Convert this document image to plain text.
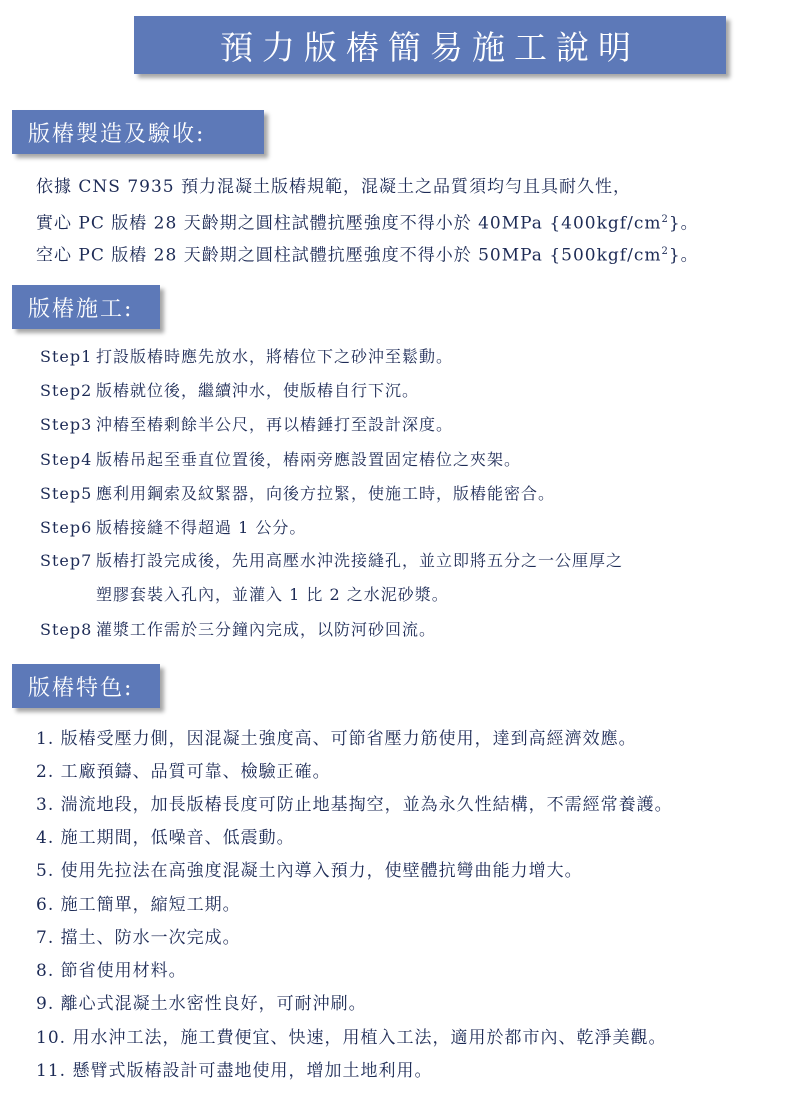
預力版樁簡易施工說明
版樁製造及驗收:
依據 CNS 7935 預力混凝土版樁規範，混凝土之品質須均勻且具耐久性，
實心 PC 版樁 28 天齡期之圓柱試體抗壓強度不得小於 40MPa $\{400kgf/cm^2\}$。
空心 PC 版樁 28 天齡期之圓柱試體抗壓強度不得小於 50MPa $\{500kgf/cm^2\}$。
版樁施工:
Step1 打設版樁時應先放水，將樁位下之砂沖至鬆動。
Step2 版樁就位後，繼續沖水，使版樁自行下沉。
Step3 沖樁至樁剩餘半公尺，再以樁錘打至設計深度。
Step4 版樁吊起至垂直位置後，樁兩旁應設置固定樁位之夾架。
Step5 應利用鋼索及紋緊器，向後方拉緊，使施工時，版樁能密合。
Step6 版樁接縫不得超過 1 公分。
Step7 版樁打設完成後，先用高壓水沖洗接縫孔，並立即將五分之一公厘厚之
塑膠套裝入孔內，並灌入 1 比 2 之水泥砂漿。
Step8 灌漿工作需於三分鐘內完成，以防河砂回流。
版樁特色:
1. 版樁受壓力側，因混凝土強度高、可節省壓力筋使用，達到高經濟效應。
2. 工廠預鑄、品質可靠、檢驗正確。
3. 湍流地段，加長版樁長度可防止地基掏空，並為永久性結構，不需經常養護。
4. 施工期間，低噪音、低震動。
5. 使用先拉法在高強度混凝土內導入預力，使壁體抗彎曲能力增大。
6. 施工簡單，縮短工期。
7. 擋土、防水一次完成。
8. 節省使用材料。
9. 離心式混凝土水密性良好，可耐沖刷。
10. 用水沖工法，施工費便宜、快速，用植入工法，適用於都市內、乾淨美觀。
11. 懸臂式版樁設計可盡地使用，增加土地利用。
